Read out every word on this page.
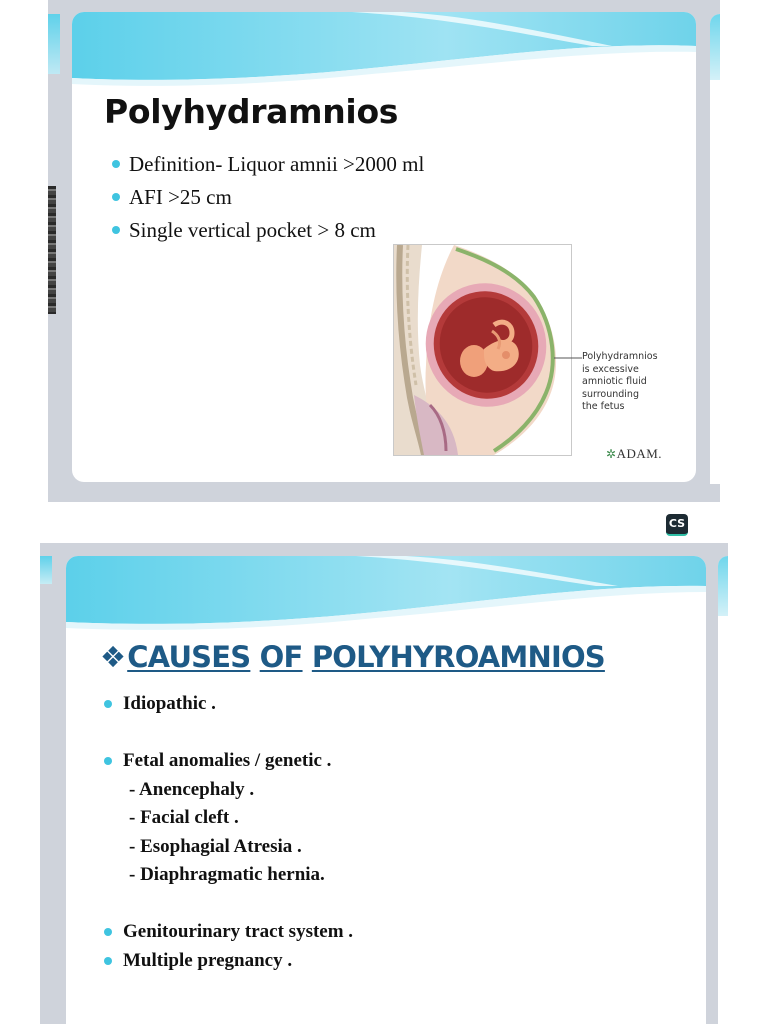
Polyhydramnios
Definition- Liquor amnii >2000 ml
AFI >25 cm
Single vertical pocket > 8 cm
Polyhydramnios
is excessive
amniotic fluid
surrounding
the fetus
✲ADAM.
CS
❖CAUSES OF POLYHYROAMNIOS
Idiopathic .
Fetal anomalies / genetic .
- Anencephaly .
- Facial cleft .
- Esophagial Atresia .
- Diaphragmatic hernia.
Genitourinary tract system .
Multiple pregnancy .
